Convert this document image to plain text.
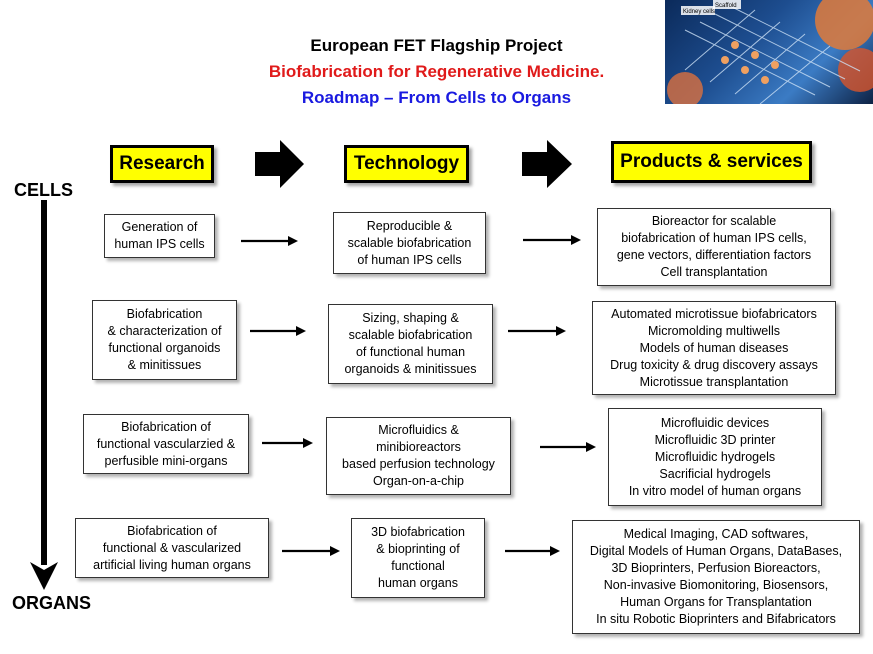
European FET Flagship Project
Biofabrication for Regenerative Medicine.
Roadmap – From Cells to Organs
Kidney cells
Scaffold
Research	Technology	Products & services
CELLS
ORGANS
Generation of
human IPS cells
Reproducible &
scalable biofabrication
of human IPS cells
Bioreactor for scalable
biofabrication of human IPS cells,
gene vectors, differentiation factors
Cell transplantation
Biofabrication
& characterization of
functional organoids
& minitissues
Sizing, shaping &
scalable biofabrication
of functional human
organoids & minitissues
Automated microtissue biofabricators
Micromolding multiwells
Models of human diseases
Drug toxicity & drug discovery assays
Microtissue transplantation
Biofabrication of
functional vascularzied &
perfusible mini-organs
Microfluidics &
minibioreactors
based perfusion technology
Organ-on-a-chip
Microfluidic devices
Microfluidic 3D printer
Microfluidic hydrogels
Sacrificial hydrogels
In vitro model of human organs
Biofabrication of
functional & vascularized
artificial living human organs
3D biofabrication
& bioprinting of
functional
human organs
Medical Imaging, CAD softwares,
Digital Models of Human Organs, DataBases,
3D Bioprinters, Perfusion Bioreactors,
Non-invasive Biomonitoring, Biosensors,
Human Organs for Transplantation
In situ Robotic Bioprinters and Bifabricators
